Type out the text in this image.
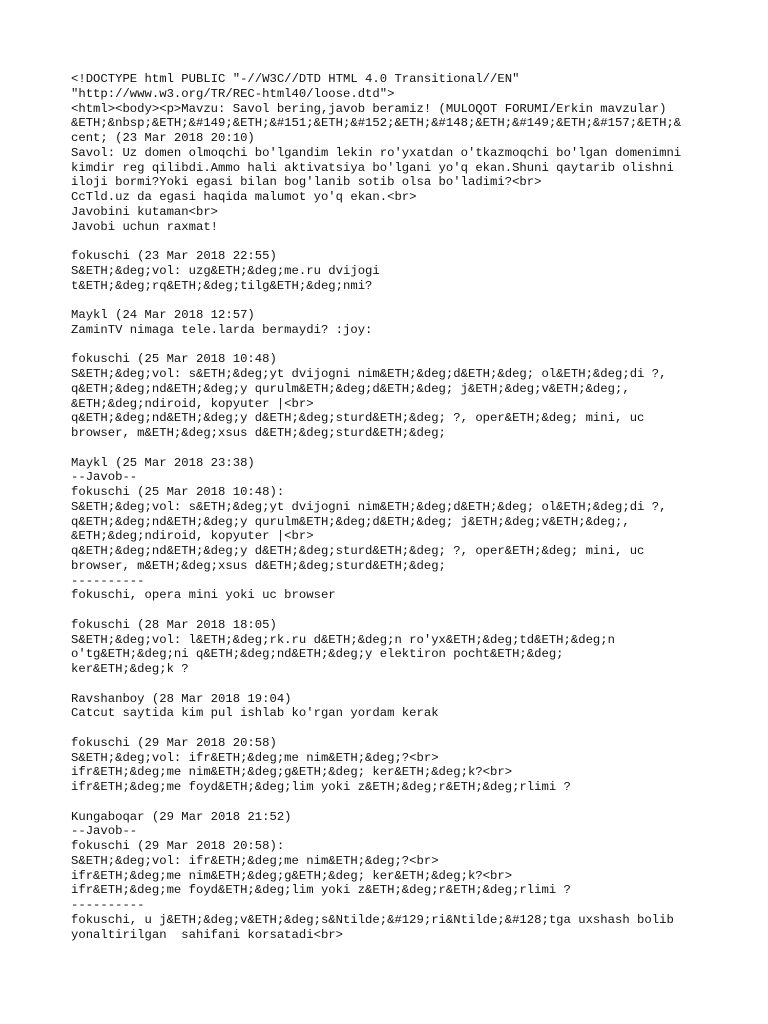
<!DOCTYPE html PUBLIC "-//W3C//DTD HTML 4.0 Transitional//EN"
"http://www.w3.org/TR/REC-html40/loose.dtd">
<html><body><p>Mavzu: Savol bering,javob beramiz! (MULOQOT FORUMI/Erkin mavzular)
&ETH;&nbsp;&ETH;&#149;&ETH;&#151;&ETH;&#152;&ETH;&#148;&ETH;&#149;&ETH;&#157;&ETH;&
cent; (23 Mar 2018 20:10)
Savol: Uz domen olmoqchi bo'lgandim lekin ro'yxatdan o'tkazmoqchi bo'lgan domenimni
kimdir reg qilibdi.Ammo hali aktivatsiya bo'lgani yo'q ekan.Shuni qaytarib olishni
iloji bormi?Yoki egasi bilan bog'lanib sotib olsa bo'ladimi?<br>
CcTld.uz da egasi haqida malumot yo'q ekan.<br>
Javobini kutaman<br>
Javobi uchun raxmat!

fokuschi (23 Mar 2018 22:55)
S&ETH;&deg;vol: uzg&ETH;&deg;me.ru dvijogi
t&ETH;&deg;rq&ETH;&deg;tilg&ETH;&deg;nmi?

Maykl (24 Mar 2018 12:57)
ZaminTV nimaga tele.larda bermaydi? :joy:

fokuschi (25 Mar 2018 10:48)
S&ETH;&deg;vol: s&ETH;&deg;yt dvijogni nim&ETH;&deg;d&ETH;&deg; ol&ETH;&deg;di ?,
q&ETH;&deg;nd&ETH;&deg;y qurulm&ETH;&deg;d&ETH;&deg; j&ETH;&deg;v&ETH;&deg;,
&ETH;&deg;ndiroid, kopyuter |<br>
q&ETH;&deg;nd&ETH;&deg;y d&ETH;&deg;sturd&ETH;&deg; ?, oper&ETH;&deg; mini, uc
browser, m&ETH;&deg;xsus d&ETH;&deg;sturd&ETH;&deg;

Maykl (25 Mar 2018 23:38)
--Javob--
fokuschi (25 Mar 2018 10:48):
S&ETH;&deg;vol: s&ETH;&deg;yt dvijogni nim&ETH;&deg;d&ETH;&deg; ol&ETH;&deg;di ?,
q&ETH;&deg;nd&ETH;&deg;y qurulm&ETH;&deg;d&ETH;&deg; j&ETH;&deg;v&ETH;&deg;,
&ETH;&deg;ndiroid, kopyuter |<br>
q&ETH;&deg;nd&ETH;&deg;y d&ETH;&deg;sturd&ETH;&deg; ?, oper&ETH;&deg; mini, uc
browser, m&ETH;&deg;xsus d&ETH;&deg;sturd&ETH;&deg;
----------
fokuschi, opera mini yoki uc browser

fokuschi (28 Mar 2018 18:05)
S&ETH;&deg;vol: l&ETH;&deg;rk.ru d&ETH;&deg;n ro'yx&ETH;&deg;td&ETH;&deg;n
o'tg&ETH;&deg;ni q&ETH;&deg;nd&ETH;&deg;y elektiron pocht&ETH;&deg;
ker&ETH;&deg;k ?

Ravshanboy (28 Mar 2018 19:04)
Catcut saytida kim pul ishlab ko'rgan yordam kerak

fokuschi (29 Mar 2018 20:58)
S&ETH;&deg;vol: ifr&ETH;&deg;me nim&ETH;&deg;?<br>
ifr&ETH;&deg;me nim&ETH;&deg;g&ETH;&deg; ker&ETH;&deg;k?<br>
ifr&ETH;&deg;me foyd&ETH;&deg;lim yoki z&ETH;&deg;r&ETH;&deg;rlimi ?

Kungaboqar (29 Mar 2018 21:52)
--Javob--
fokuschi (29 Mar 2018 20:58):
S&ETH;&deg;vol: ifr&ETH;&deg;me nim&ETH;&deg;?<br>
ifr&ETH;&deg;me nim&ETH;&deg;g&ETH;&deg; ker&ETH;&deg;k?<br>
ifr&ETH;&deg;me foyd&ETH;&deg;lim yoki z&ETH;&deg;r&ETH;&deg;rlimi ?
----------
fokuschi, u j&ETH;&deg;v&ETH;&deg;s&Ntilde;&#129;ri&Ntilde;&#128;tga uxshash bolib
yonaltirilgan  sahifani korsatadi<br>
